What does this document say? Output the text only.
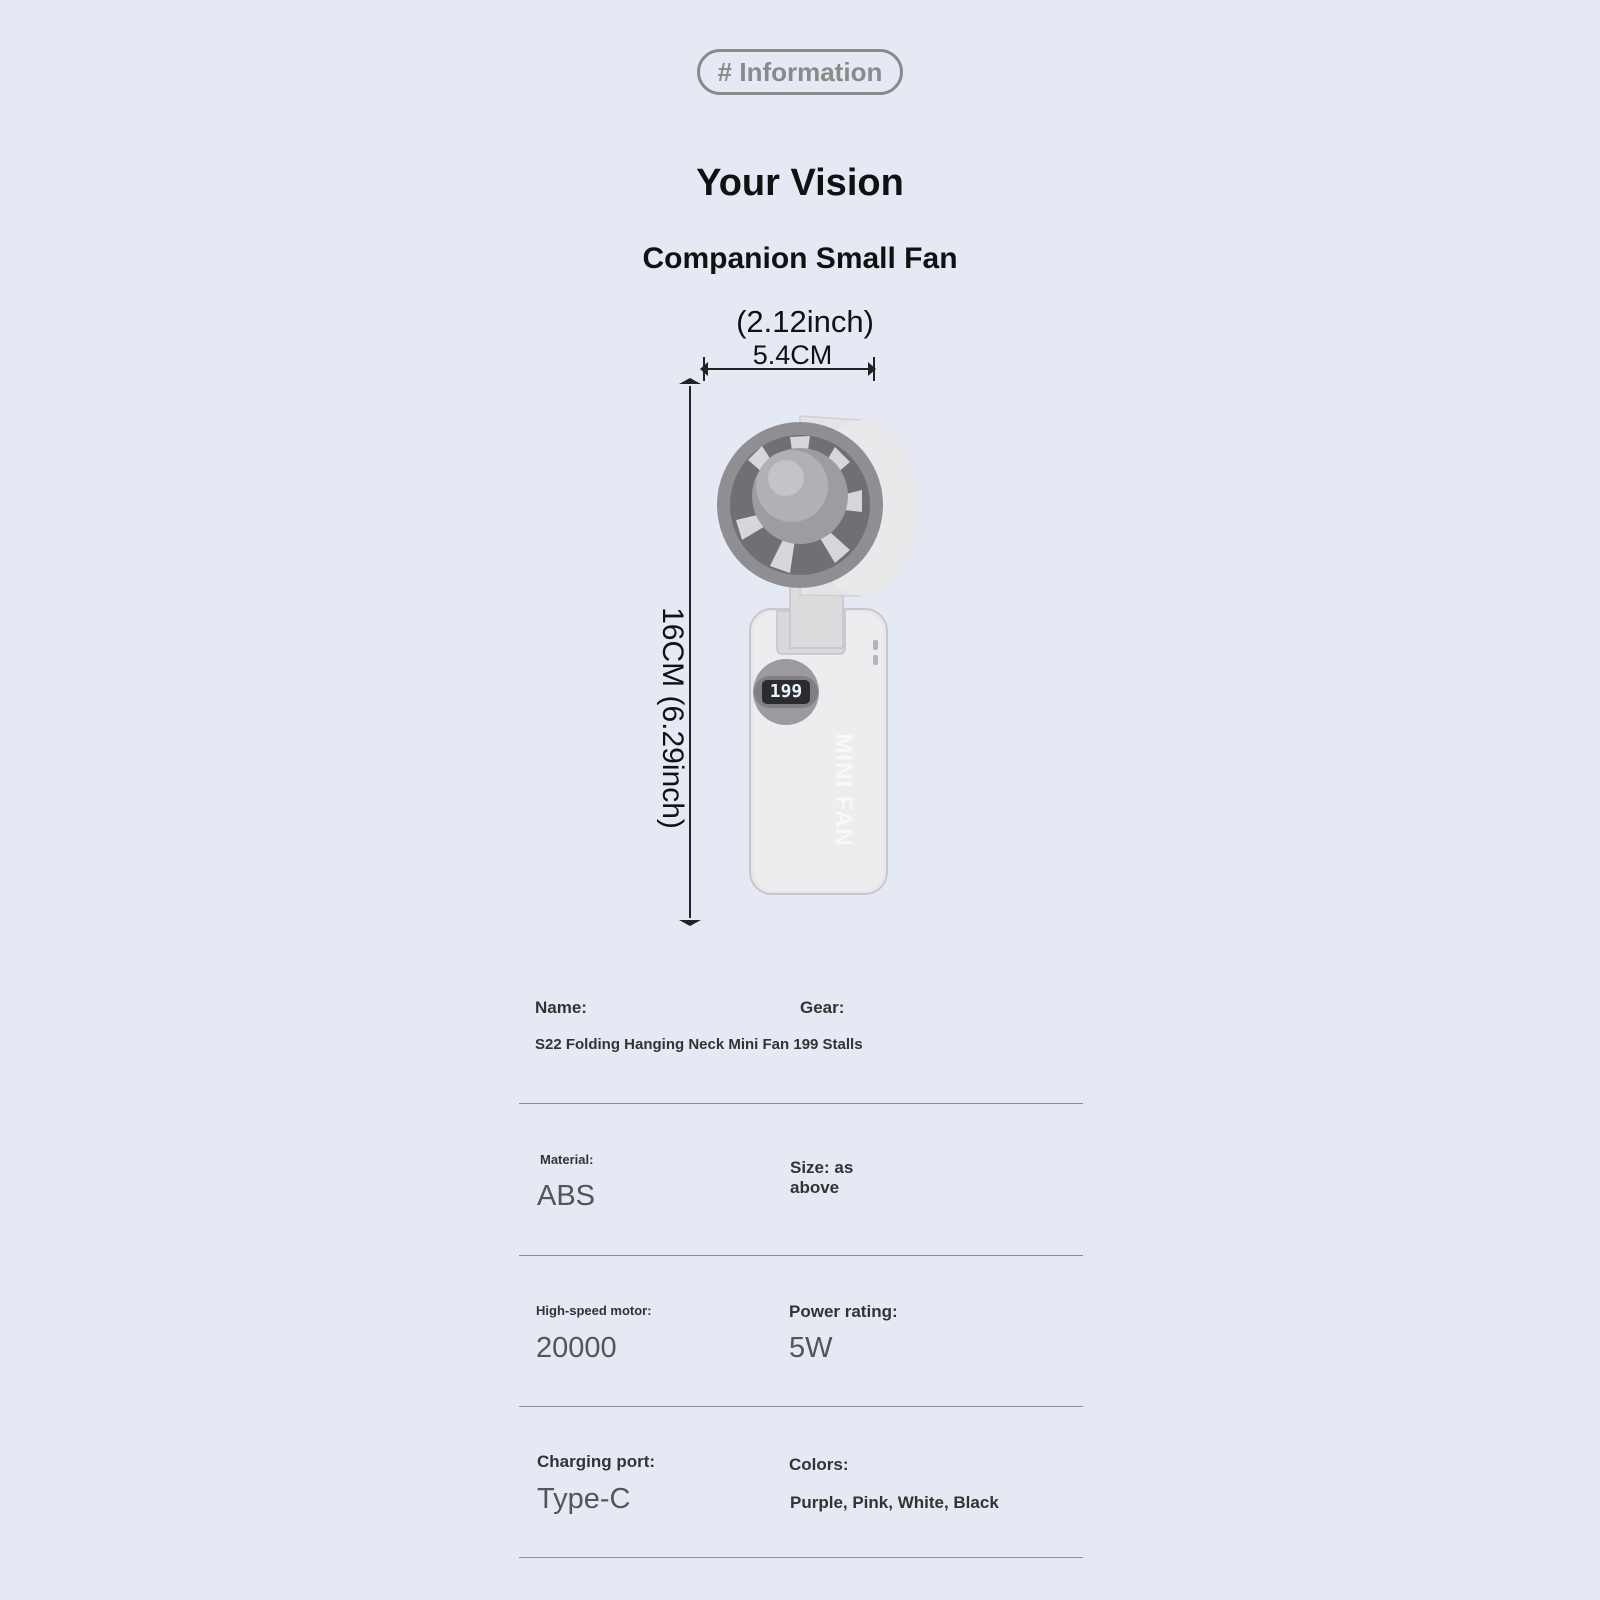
# Information
Your Vision
Companion Small Fan
199
MINI FAN
(2.12inch)
5.4CM
16CM (6.29inch)
Name:	Gear:
S22 Folding Hanging Neck Mini Fan 199 Stalls
Material:
ABS
Size: as above
High-speed motor:
20000
Power rating:
5W
Charging port:
Type-C
Colors:
Purple, Pink, White, Black
